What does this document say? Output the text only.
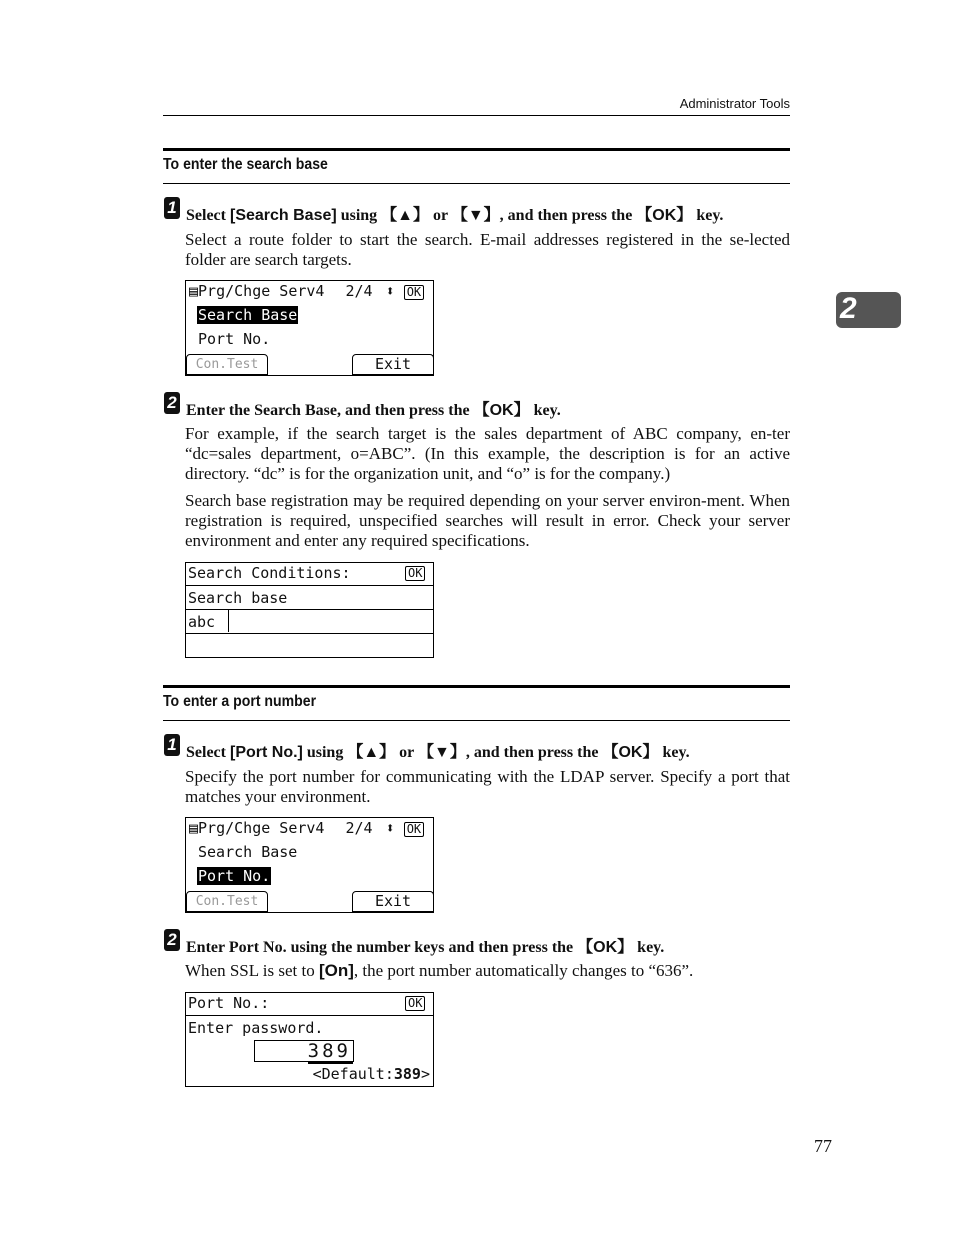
Administrator Tools
2
To enter the search base
1 Select [Search Base] using 【▲】 or 【▼】, and then press the 【OK】 key.
Select a route folder to start the search. E-mail addresses registered in the se-lected folder are search targets.
▤Prg/Chge Serv4 2/4 ⬍ OK
Search Base
Port No.
Con.Test	Exit
2 Enter the Search Base, and then press the 【OK】 key.
For example, if the search target is the sales department of ABC company, en-ter “dc=sales department, o=ABC”. (In this example, the description is for an active directory. “dc” is for the organization unit, and “o” is for the company.)
Search base registration may be required depending on your server environ-ment. When registration is required, unspecified searches will result in error. Check your server environment and enter any required specifications.
Search Conditions:	OK
Search base
abc
To enter a port number
1 Select [Port No.] using 【▲】 or 【▼】, and then press the 【OK】 key.
Specify the port number for communicating with the LDAP server. Specify a port that matches your environment.
▤Prg/Chge Serv4 2/4 ⬍ OK
Search Base
Port No.
Con.Test	Exit
2 Enter Port No. using the number keys and then press the 【OK】 key.
When SSL is set to [On], the port number automatically changes to “636”.
Port No.:	OK
Enter password.
389
<Default:389>
77
